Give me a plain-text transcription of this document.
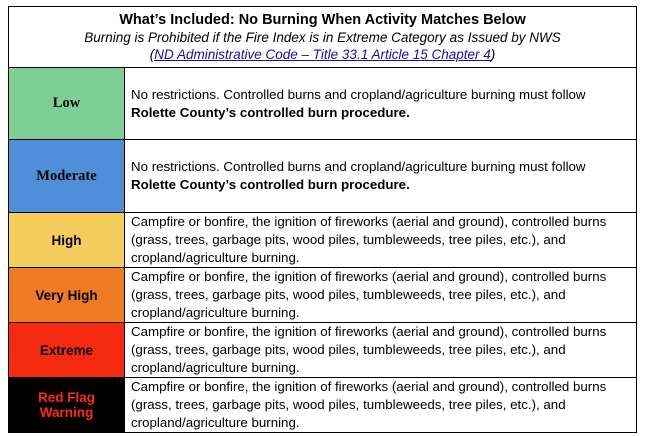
What’s Included: No Burning When Activity Matches Below
Burning is Prohibited if the Fire Index is in Extreme Category as Issued by NWS
(ND Administrative Code – Title 33.1 Article 15 Chapter 4)	

Low	No restrictions. Controlled burns and cropland/agriculture burning must follow
Rolette County’s controlled burn procedure.
Moderate	No restrictions. Controlled burns and cropland/agriculture burning must follow
Rolette County’s controlled burn procedure.
High	Campfire or bonfire, the ignition of fireworks (aerial and ground), controlled burns (grass, trees, garbage pits, wood piles, tumbleweeds, tree piles, etc.), and cropland/agriculture burning.
Very High	Campfire or bonfire, the ignition of fireworks (aerial and ground), controlled burns (grass, trees, garbage pits, wood piles, tumbleweeds, tree piles, etc.), and cropland/agriculture burning.
Extreme	Campfire or bonfire, the ignition of fireworks (aerial and ground), controlled burns (grass, trees, garbage pits, wood piles, tumbleweeds, tree piles, etc.), and cropland/agriculture burning.
Red Flag
Warning	Campfire or bonfire, the ignition of fireworks (aerial and ground), controlled burns (grass, trees, garbage pits, wood piles, tumbleweeds, tree piles, etc.), and cropland/agriculture burning.
